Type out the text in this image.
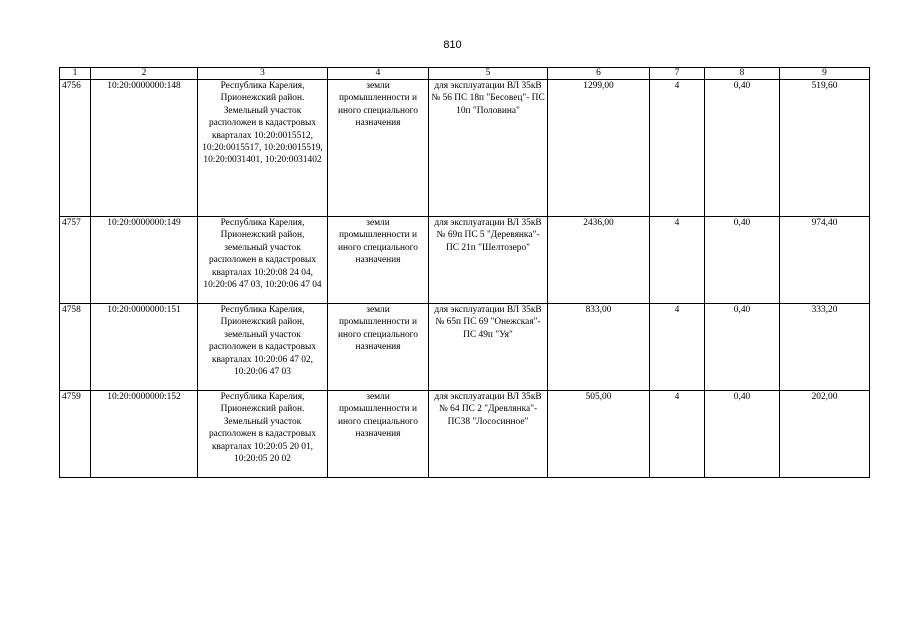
810
1	2	3	4	5	6	7	8	9
4756	10:20:0000000:148	Республика Карелия, Прионежский район. Земельный участок расположен в кадастровых кварталах 10:20:0015512, 10:20:0015517, 10:20:0015519, 10:20:0031401, 10:20:0031402	земли промышленности и иного специального назначения	для эксплуатации ВЛ 35кВ № 56 ПС 18п "Бесовец"- ПС 10п "Половина"	1299,00	4	0,40	519,60
4757	10:20:0000000:149	Республика Карелия, Прионежский район, земельный участок расположен в кадастровых кварталах 10:20:08 24 04, 10:20:06 47 03, 10:20:06 47 04	земли промышленности и иного специального назначения	для эксплуатации ВЛ 35кВ № 69п ПС 5 "Деревянка"- ПС 21п "Шелтозеро"	2436,00	4	0,40	974,40
4758	10:20:0000000:151	Республика Карелия, Прионежский район, земельный участок расположен в кадастровых кварталах 10:20:06 47 02, 10:20:06 47 03	земли промышленности и иного специального назначения	для эксплуатации ВЛ 35кВ № 65п ПС 69 "Онежская"- ПС 49п "Уя"	833,00	4	0,40	333,20
4759	10:20:0000000:152	Республика Карелия, Прионежский район. Земельный участок расположен в кадастровых кварталах 10:20:05 20 01, 10:20:05 20 02	земли промышленности и иного специального назначения	для эксплуатации ВЛ 35кВ № 64 ПС 2 "Древлянка"- ПС38 "Лососинное"	505,00	4	0,40	202,00
